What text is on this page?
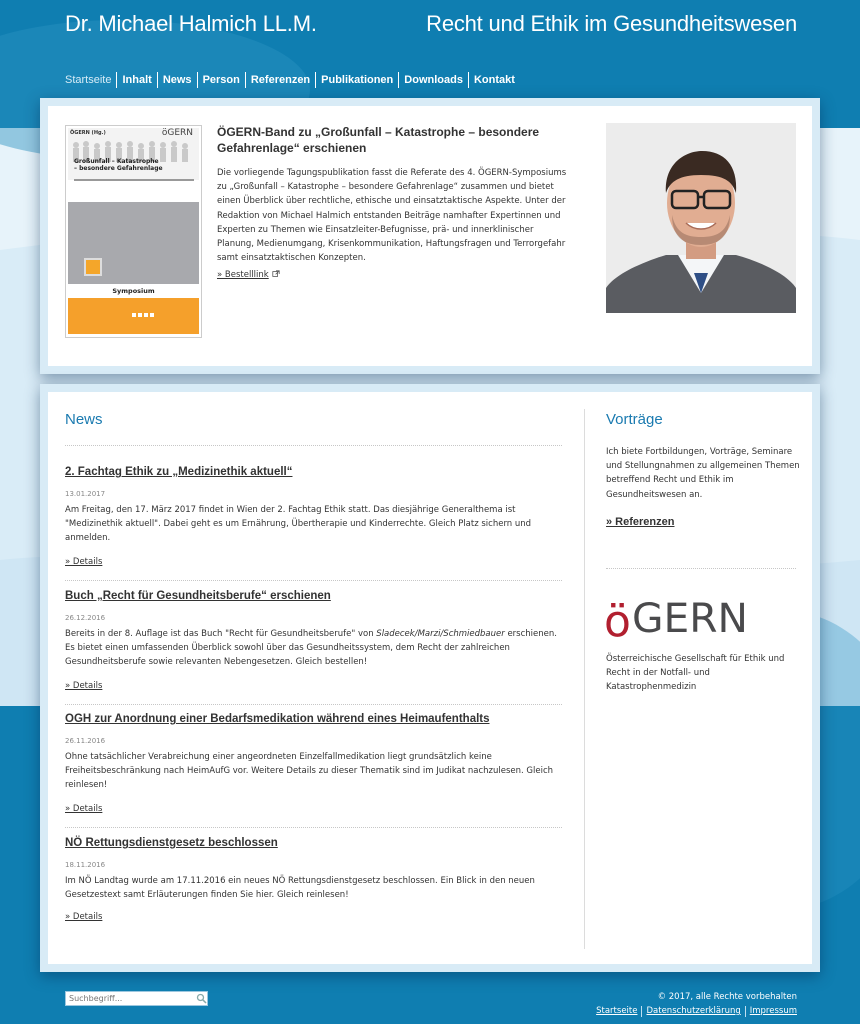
Dr. Michael Halmich LL.M.	Recht und Ethik im Gesundheitswesen
Startseite	Inhalt	News	Person	Referenzen	Publikationen	Downloads	Kontakt
ÖGERN (Hg.)	öGERN
Großunfall – Katastrophe
– besondere Gefahrenlage
Symposium
ÖGERN-Band zu „Großunfall – Katastrophe – besondere Gefahrenlage“ erschienen

Die vorliegende Tagungspublikation fasst die Referate des 4. ÖGERN-Symposiums zu „Großunfall – Katastrophe – besondere Gefahrenlage“ zusammen und bietet einen Überblick über rechtliche, ethische und einsatztaktische Aspekte. Unter der Redaktion von Michael Halmich entstanden Beiträge namhafter Expertinnen und Experten zu Themen wie Einsatzleiter-Befugnisse, prä- und innerklinischer Planung, Medienumgang, Krisenkommunikation, Haftungsfragen und Terrorgefahr samt einsatztaktischen Konzepten.

» Bestelllink
News
2. Fachtag Ethik zu „Medizinethik aktuell“
13.01.2017

Am Freitag, den 17. März 2017 findet in Wien der 2. Fachtag Ethik statt. Das diesjährige Generalthema ist "Medizinethik aktuell". Dabei geht es um Ernährung, Übertherapie und Kinderrechte. Gleich Platz sichern und anmelden.

» Details
Buch „Recht für Gesundheitsberufe“ erschienen
26.12.2016

Bereits in der 8. Auflage ist das Buch "Recht für Gesundheitsberufe" von Sladecek/Marzi/Schmiedbauer erschienen. Es bietet einen umfassenden Überblick sowohl über das Gesundheitssystem, dem Recht der zahlreichen Gesundheitsberufe sowie relevanten Nebengesetzen. Gleich bestellen!

» Details
OGH zur Anordnung einer Bedarfsmedikation während eines Heimaufenthalts
26.11.2016

Ohne tatsächlicher Verabreichung einer angeordneten Einzelfallmedikation liegt grundsätzlich keine Freiheitsbeschränkung nach HeimAufG vor. Weitere Details zu dieser Thematik sind im Judikat nachzulesen. Gleich reinlesen!

» Details
NÖ Rettungsdienstgesetz beschlossen
18.11.2016

Im NÖ Landtag wurde am 17.11.2016 ein neues NÖ Rettungsdienstgesetz beschlossen. Ein Blick in den neuen Gesetzestext samt Erläuterungen finden Sie hier. Gleich reinlesen!

» Details
Vorträge

Ich biete Fortbildungen, Vorträge, Seminare und Stellungnahmen zu allgemeinen Themen betreffend Recht und Ethik im Gesundheitswesen an.

» Referenzen
ö GERN

Österreichische Gesellschaft für Ethik und Recht in der Notfall- und Katastrophenmedizin

Suchbegriff...
© 2017, alle Rechte vorbehalten
Startseite	Datenschutzerklärung	Impressum
